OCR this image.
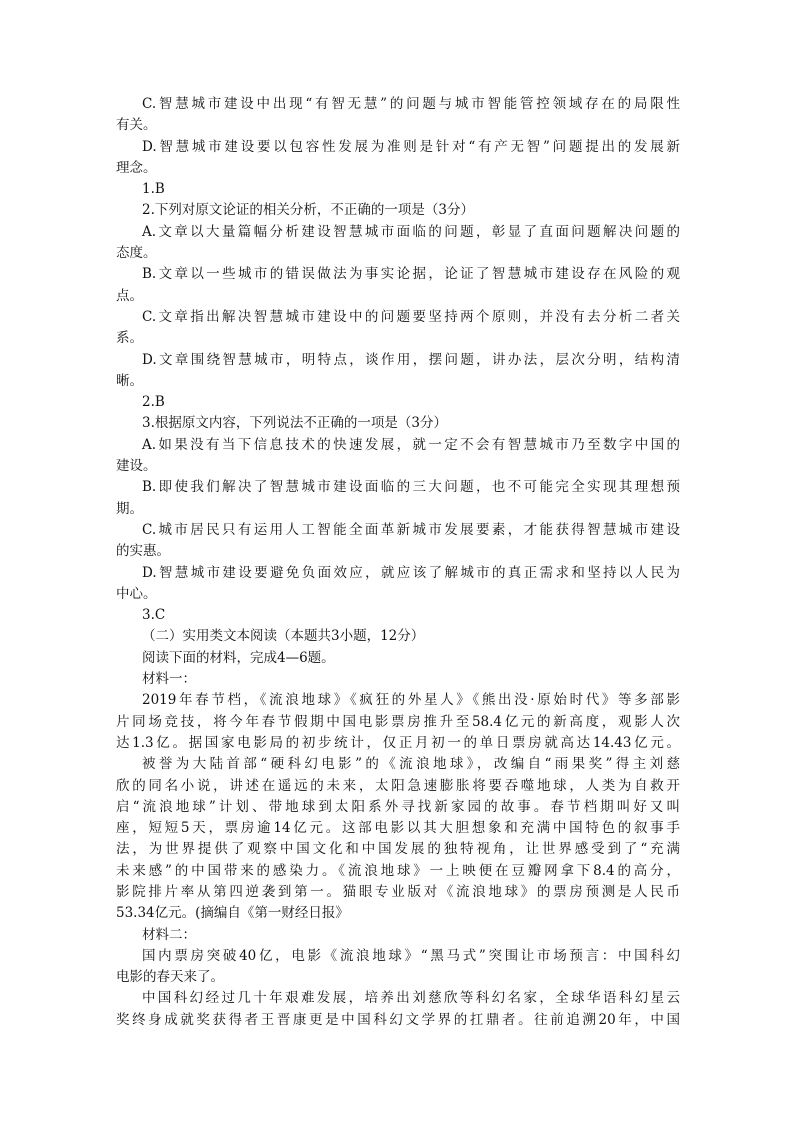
C.智慧城市建设中出现“有智无慧”的问题与城市智能管控领域存在的局限性
有关。
D.智慧城市建设要以包容性发展为准则是针对“有产无智”问题提出的发展新
理念。
1.B
2.下列对原文论证的相关分析，不正确的一项是（3分）
A.文章以大量篇幅分析建设智慧城市面临的问题，彰显了直面问题解决问题的
态度。
B.文章以一些城市的错误做法为事实论据，论证了智慧城市建设存在风险的观
点。
C.文章指出解决智慧城市建设中的问题要坚持两个原则，并没有去分析二者关
系。
D.文章围绕智慧城市，明特点，谈作用，摆问题，讲办法，层次分明，结构清
晰。
2.B
3.根据原文内容，下列说法不正确的一项是（3分）
A.如果没有当下信息技术的快速发展，就一定不会有智慧城市乃至数字中国的
建设。
B.即使我们解决了智慧城市建设面临的三大问题，也不可能完全实现其理想预
期。
C.城市居民只有运用人工智能全面革新城市发展要素，才能获得智慧城市建设
的实惠。
D.智慧城市建设要避免负面效应，就应该了解城市的真正需求和坚持以人民为
中心。
3.C
（二）实用类文本阅读（本题共3小题，12分）
阅读下面的材料，完成4—6题。
材料一：
2019年春节档，《流浪地球》《疯狂的外星人》《熊出没·原始时代》等多部影
片同场竞技，将今年春节假期中国电影票房推升至58.4亿元的新高度，观影人次
达1.3亿。据国家电影局的初步统计，仅正月初一的单日票房就高达14.43亿元。
被誉为大陆首部“硬科幻电影”的《流浪地球》，改编自“雨果奖”得主刘慈
欣的同名小说，讲述在遥远的未来，太阳急速膨胀将要吞噬地球，人类为自救开
启“流浪地球”计划、带地球到太阳系外寻找新家园的故事。春节档期叫好又叫
座，短短5天，票房逾14亿元。这部电影以其大胆想象和充满中国特色的叙事手
法，为世界提供了观察中国文化和中国发展的独特视角，让世界感受到了“充满
未来感”的中国带来的感染力。《流浪地球》一上映便在豆瓣网拿下8.4的高分，
影院排片率从第四逆袭到第一。猫眼专业版对《流浪地球》的票房预测是人民币
53.34亿元。(摘编自《第一财经日报》
材料二：
国内票房突破40亿，电影《流浪地球》“黑马式”突围让市场预言：中国科幻
电影的春天来了。
中国科幻经过几十年艰难发展，培养出刘慈欣等科幻名家，全球华语科幻星云
奖终身成就奖获得者王晋康更是中国科幻文学界的扛鼎者。往前追溯20年，中国
